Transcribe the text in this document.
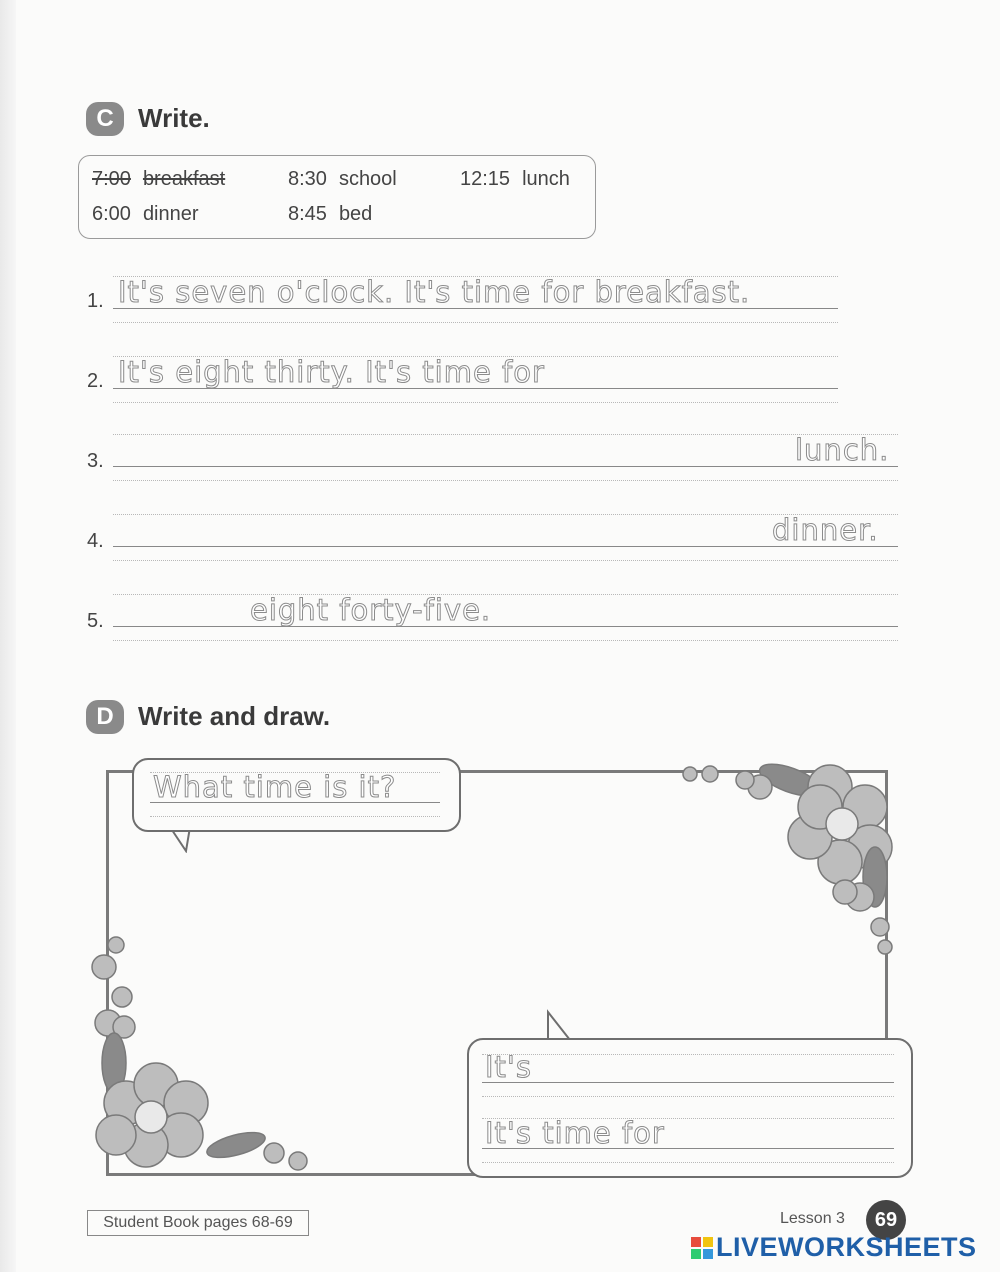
C Write.
7:00 breakfast	8:30 school	12:15 lunch
6:00 dinner	8:45 bed
1. It's seven o'clock. It's time for breakfast.
2. It's eight thirty. It's time for
3.	lunch.
4.	dinner.
5.	eight forty-five.
D Write and draw.
What time is it?
It's
It's time for
Student Book pages 68-69	Lesson 3	69
LIVEWORKSHEETS
